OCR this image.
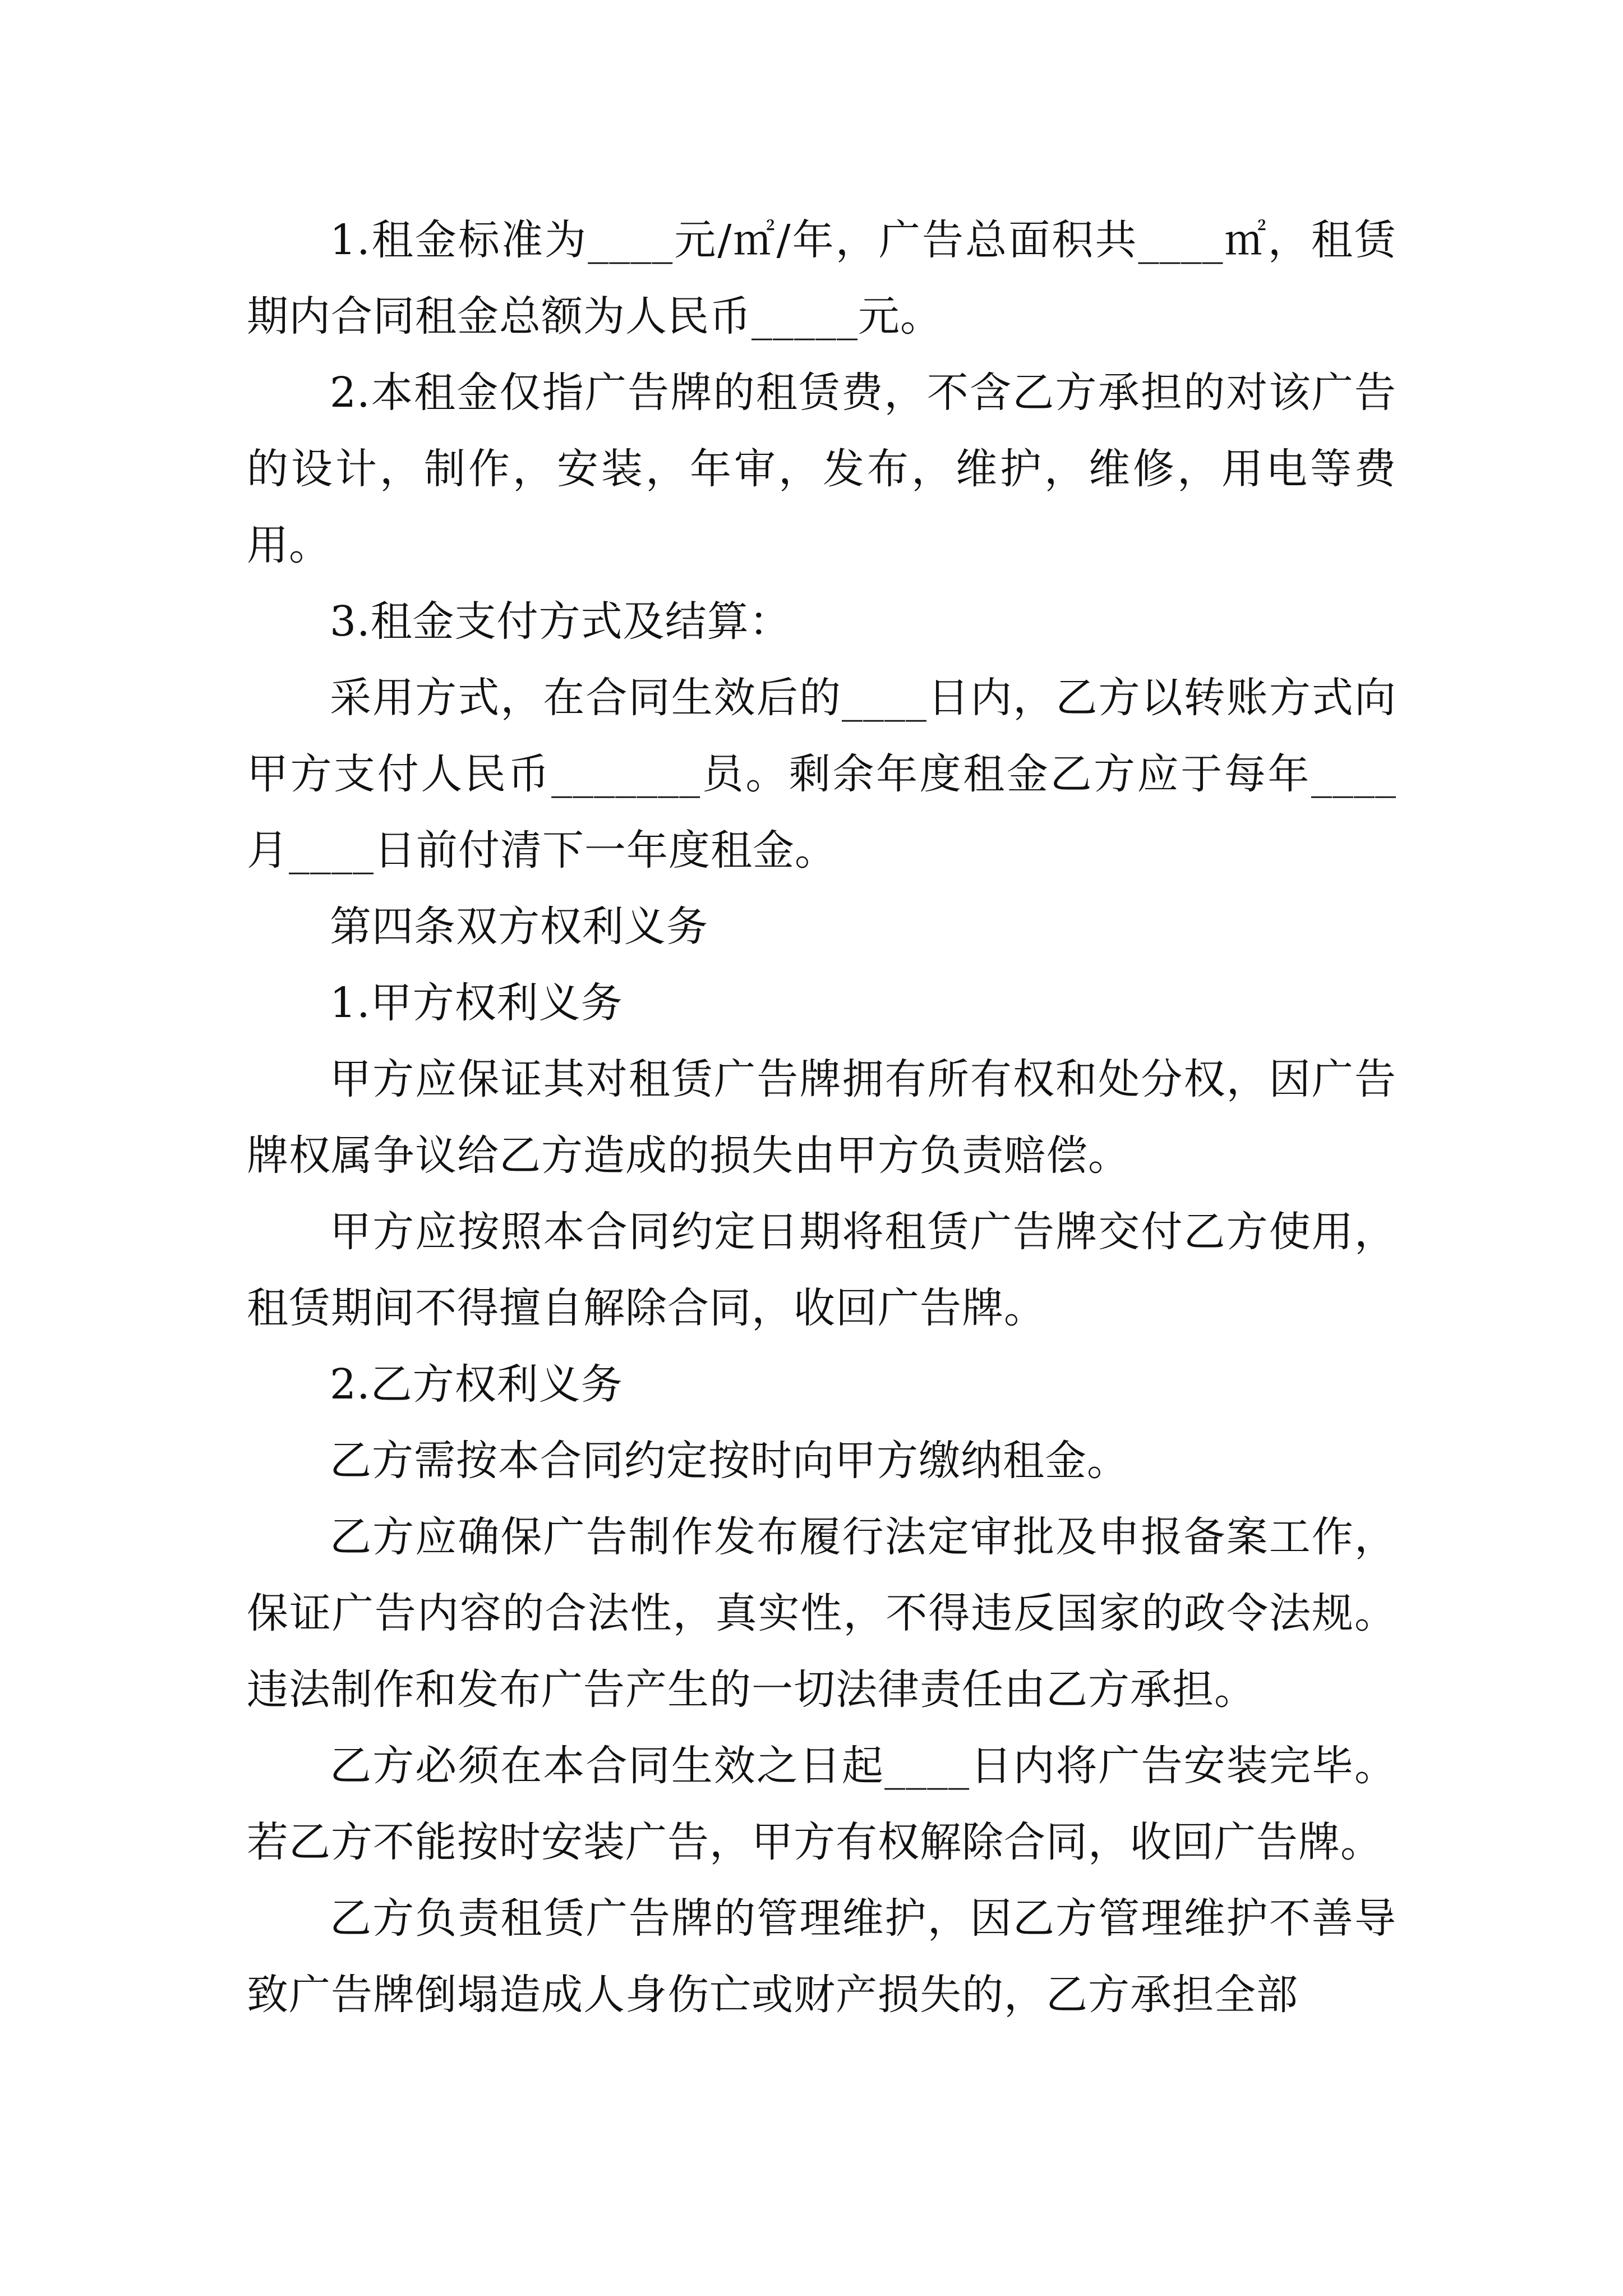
1.租金标准为____元/㎡/年，广告总面积共____㎡，租赁期内合同租金总额为人民币_____元。

2.本租金仅指广告牌的租赁费，不含乙方承担的对该广告的设计，制作，安装，年审，发布，维护，维修，用电等费用。

3.租金支付方式及结算：

采用方式，在合同生效后的____日内，乙方以转账方式向甲方支付人民币_______员。剩余年度租金乙方应于每年____月____日前付清下一年度租金。

第四条双方权利义务

1.甲方权利义务

甲方应保证其对租赁广告牌拥有所有权和处分权，因广告牌权属争议给乙方造成的损失由甲方负责赔偿。

甲方应按照本合同约定日期将租赁广告牌交付乙方使用，租赁期间不得擅自解除合同，收回广告牌。

2.乙方权利义务

乙方需按本合同约定按时向甲方缴纳租金。

乙方应确保广告制作发布履行法定审批及申报备案工作，保证广告内容的合法性，真实性，不得违反国家的政令法规。违法制作和发布广告产生的一切法律责任由乙方承担。

乙方必须在本合同生效之日起____日内将广告安装完毕。若乙方不能按时安装广告，甲方有权解除合同，收回广告牌。

乙方负责租赁广告牌的管理维护，因乙方管理维护不善导致广告牌倒塌造成人身伤亡或财产损失的，乙方承担全部
